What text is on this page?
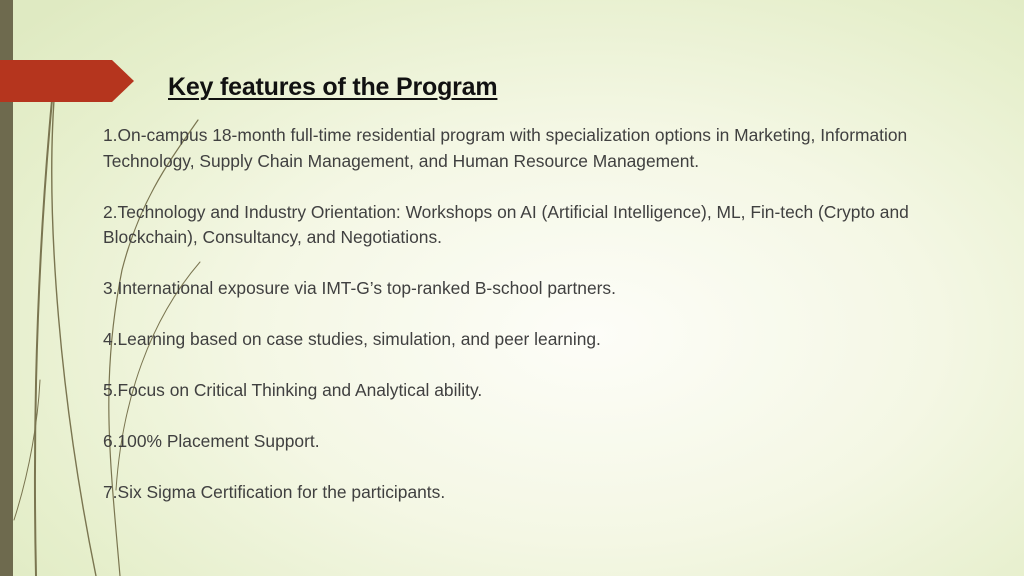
Key features of the Program

1.On-campus 18-month full-time residential program with specialization options in Marketing, Information Technology, Supply Chain Management, and Human Resource Management.

2.Technology and Industry Orientation: Workshops on AI (Artificial Intelligence), ML, Fin-tech (Crypto and Blockchain), Consultancy, and Negotiations.

3.International exposure via IMT-G’s top-ranked B-school partners.

4.Learning based on case studies, simulation, and peer learning.

5.Focus on Critical Thinking and Analytical ability.

6.100% Placement Support.

7.Six Sigma Certification for the participants.
